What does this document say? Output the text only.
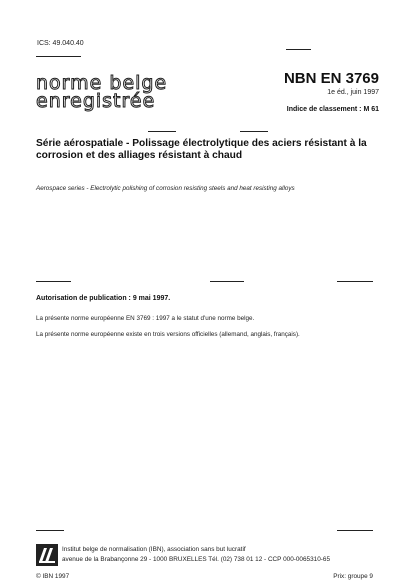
ICS: 49.040.40
norme belge
enregistrée
NBN EN 3769
1e éd., juin 1997
Indice de classement : M 61
Série aérospatiale - Polissage électrolytique des aciers résistant à la corrosion et des alliages résistant à chaud
Aerospace series - Electrolytic polishing of corrosion resisting steels and heat resisting alloys
Autorisation de publication : 9 mai 1997.
La présente norme européenne EN 3769 : 1997 a le statut d'une norme belge.
La présente norme européenne existe en trois versions officielles (allemand, anglais, français).
Institut belge de normalisation (IBN), association sans but lucratif
avenue de la Brabançonne 29 - 1000 BRUXELLES Tél. (02) 738 01 12 - CCP 000-0065310-65
© IBN 1997	Prix: groupe 9
